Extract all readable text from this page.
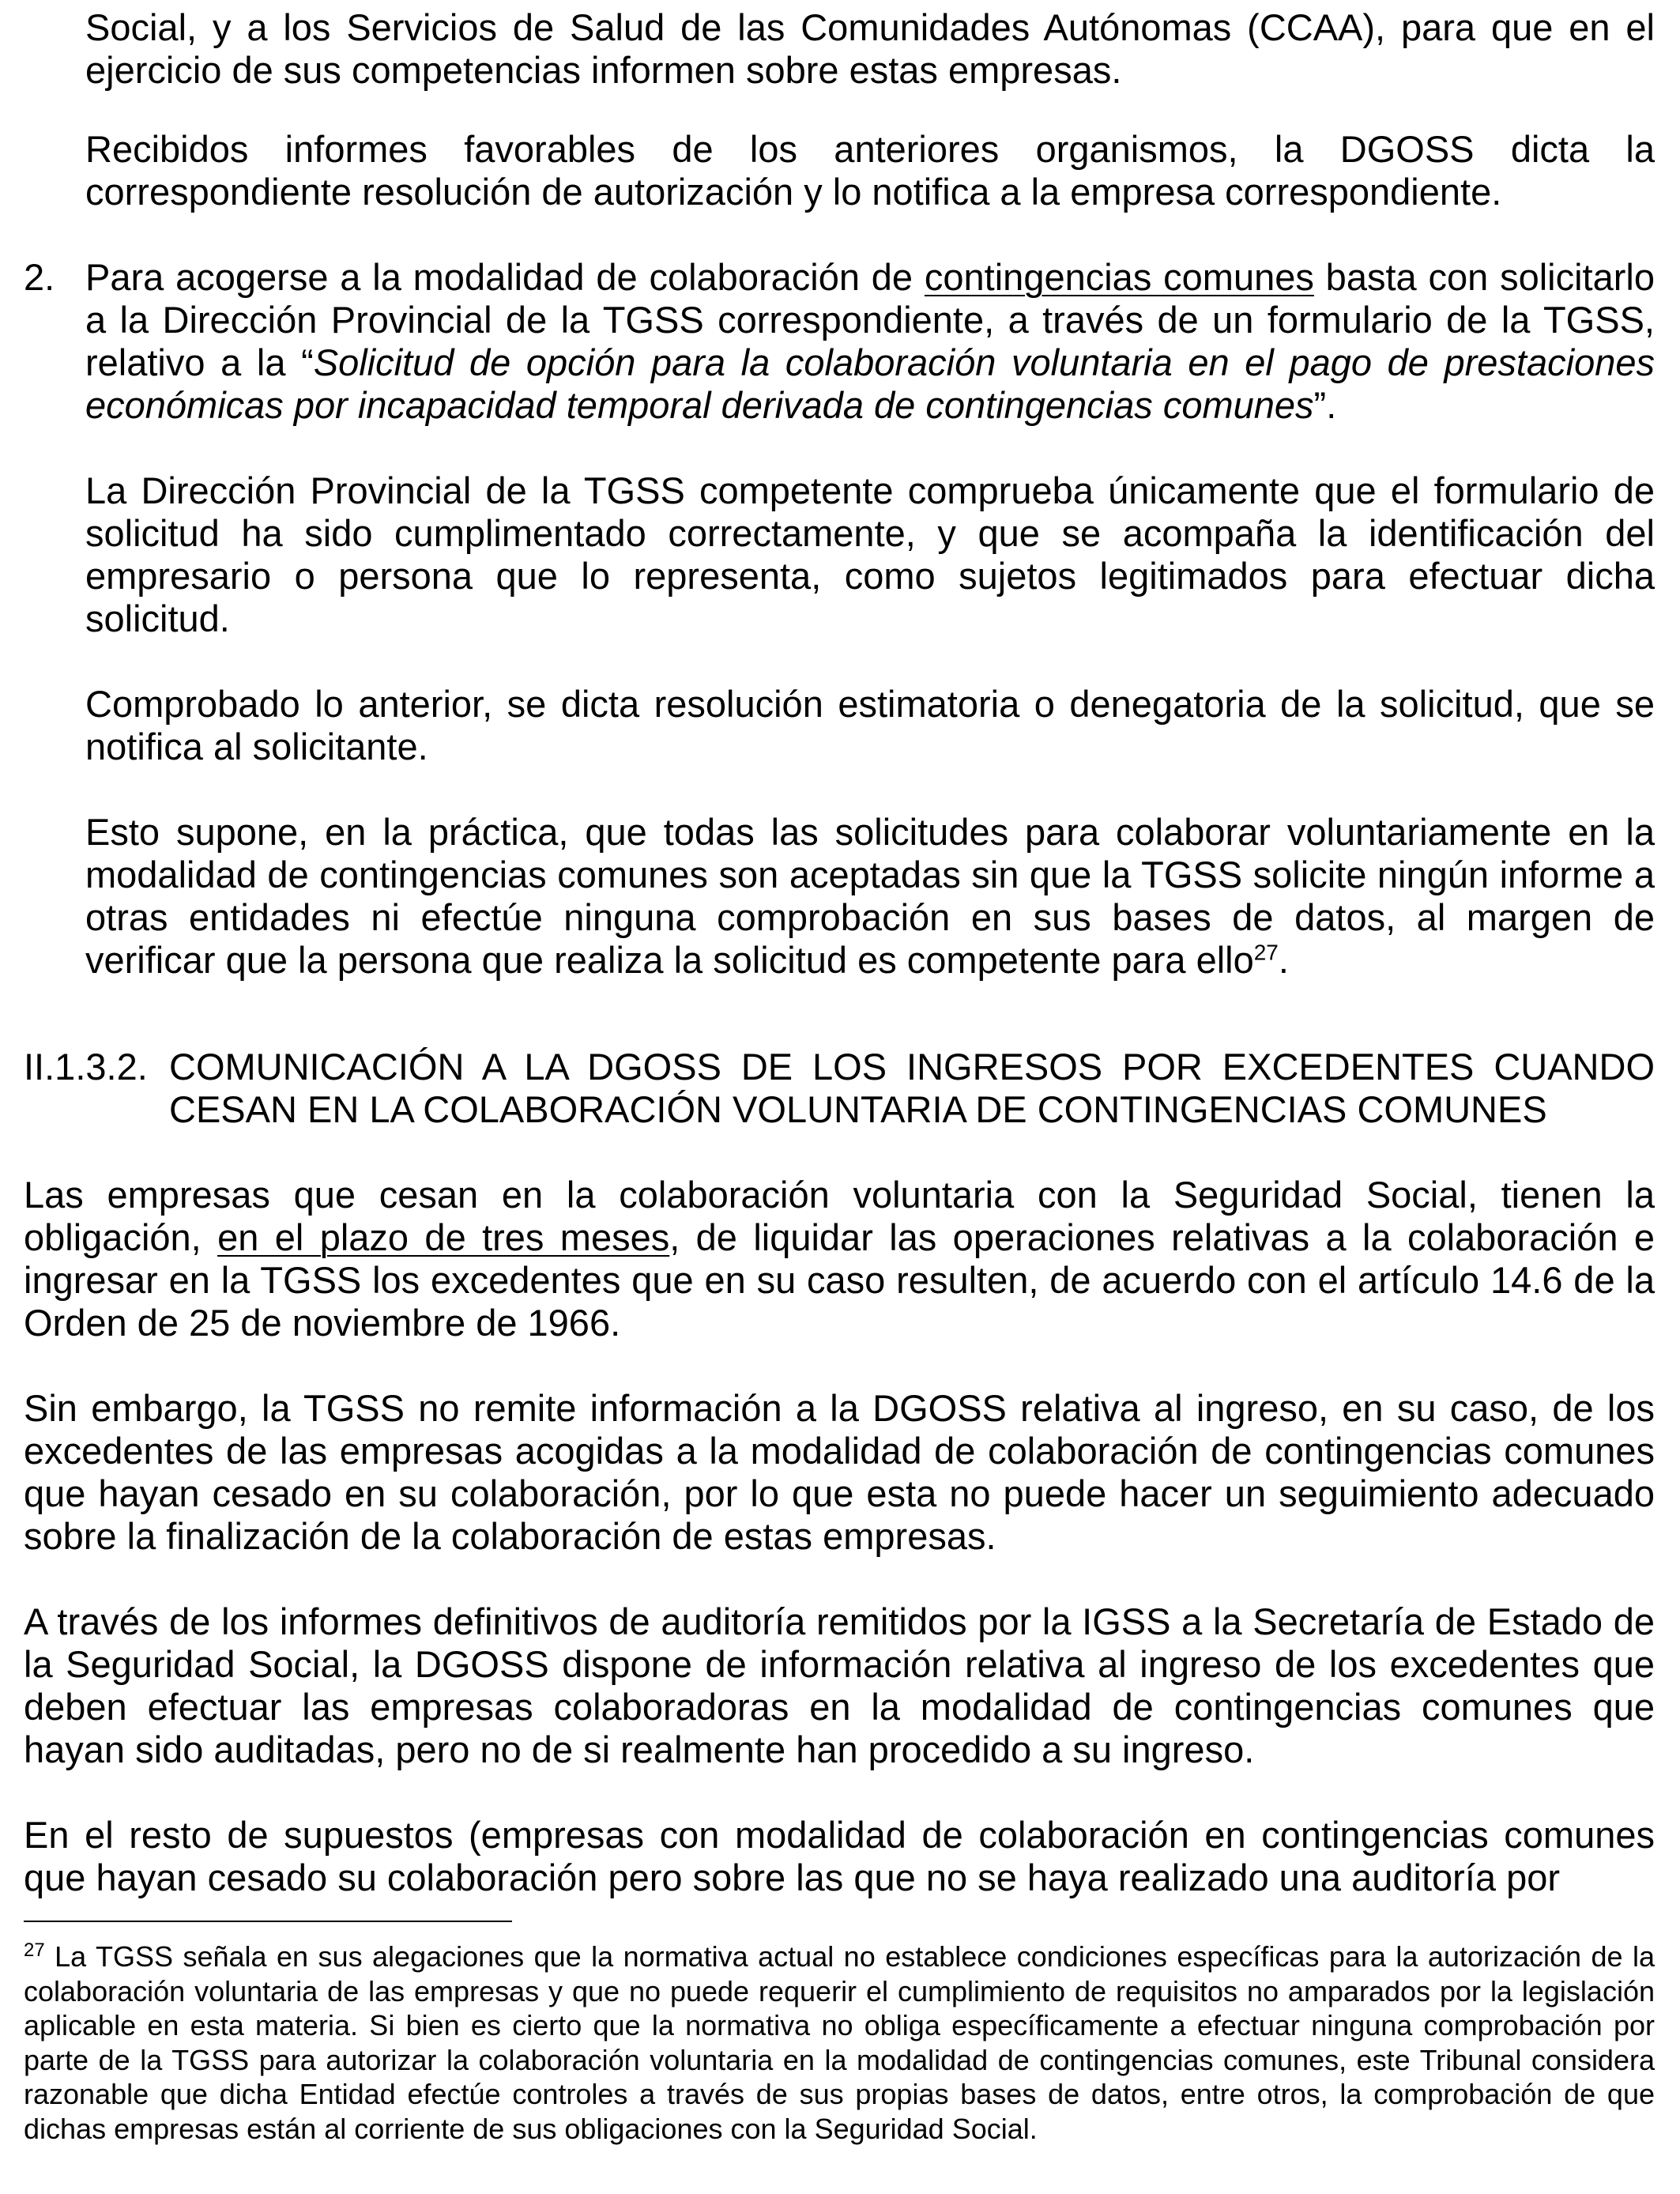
Social, y a los Servicios de Salud de las Comunidades Autónomas (CCAA), para que en el ejercicio de sus competencias informen sobre estas empresas.

Recibidos informes favorables de los anteriores organismos, la DGOSS dicta la correspondiente resolución de autorización y lo notifica a la empresa correspondiente.

2. Para acogerse a la modalidad de colaboración de contingencias comunes basta con solicitarlo a la Dirección Provincial de la TGSS correspondiente, a través de un formulario de la TGSS, relativo a la “Solicitud de opción para la colaboración voluntaria en el pago de prestaciones económicas por incapacidad temporal derivada de contingencias comunes”.

La Dirección Provincial de la TGSS competente comprueba únicamente que el formulario de solicitud ha sido cumplimentado correctamente, y que se acompaña la identificación del empresario o persona que lo representa, como sujetos legitimados para efectuar dicha solicitud.

Comprobado lo anterior, se dicta resolución estimatoria o denegatoria de la solicitud, que se notifica al solicitante.

Esto supone, en la práctica, que todas las solicitudes para colaborar voluntariamente en la modalidad de contingencias comunes son aceptadas sin que la TGSS solicite ningún informe a otras entidades ni efectúe ninguna comprobación en sus bases de datos, al margen de verificar que la persona que realiza la solicitud es competente para ello$^{27}$.

II.1.3.2. COMUNICACIÓN A LA DGOSS DE LOS INGRESOS POR EXCEDENTES CUANDO CESAN EN LA COLABORACIÓN VOLUNTARIA DE CONTINGENCIAS COMUNES

Las empresas que cesan en la colaboración voluntaria con la Seguridad Social, tienen la obligación, en el plazo de tres meses, de liquidar las operaciones relativas a la colaboración e ingresar en la TGSS los excedentes que en su caso resulten, de acuerdo con el artículo 14.6 de la Orden de 25 de noviembre de 1966.

Sin embargo, la TGSS no remite información a la DGOSS relativa al ingreso, en su caso, de los excedentes de las empresas acogidas a la modalidad de colaboración de contingencias comunes que hayan cesado en su colaboración, por lo que esta no puede hacer un seguimiento adecuado sobre la finalización de la colaboración de estas empresas.

A través de los informes definitivos de auditoría remitidos por la IGSS a la Secretaría de Estado de la Seguridad Social, la DGOSS dispone de información relativa al ingreso de los excedentes que deben efectuar las empresas colaboradoras en la modalidad de contingencias comunes que hayan sido auditadas, pero no de si realmente han procedido a su ingreso.

En el resto de supuestos (empresas con modalidad de colaboración en contingencias comunes que hayan cesado su colaboración pero sobre las que no se haya realizado una auditoría por

$^{27}$ La TGSS señala en sus alegaciones que la normativa actual no establece condiciones específicas para la autorización de la colaboración voluntaria de las empresas y que no puede requerir el cumplimiento de requisitos no amparados por la legislación aplicable en esta materia. Si bien es cierto que la normativa no obliga específicamente a efectuar ninguna comprobación por parte de la TGSS para autorizar la colaboración voluntaria en la modalidad de contingencias comunes, este Tribunal considera razonable que dicha Entidad efectúe controles a través de sus propias bases de datos, entre otros, la comprobación de que dichas empresas están al corriente de sus obligaciones con la Seguridad Social.
